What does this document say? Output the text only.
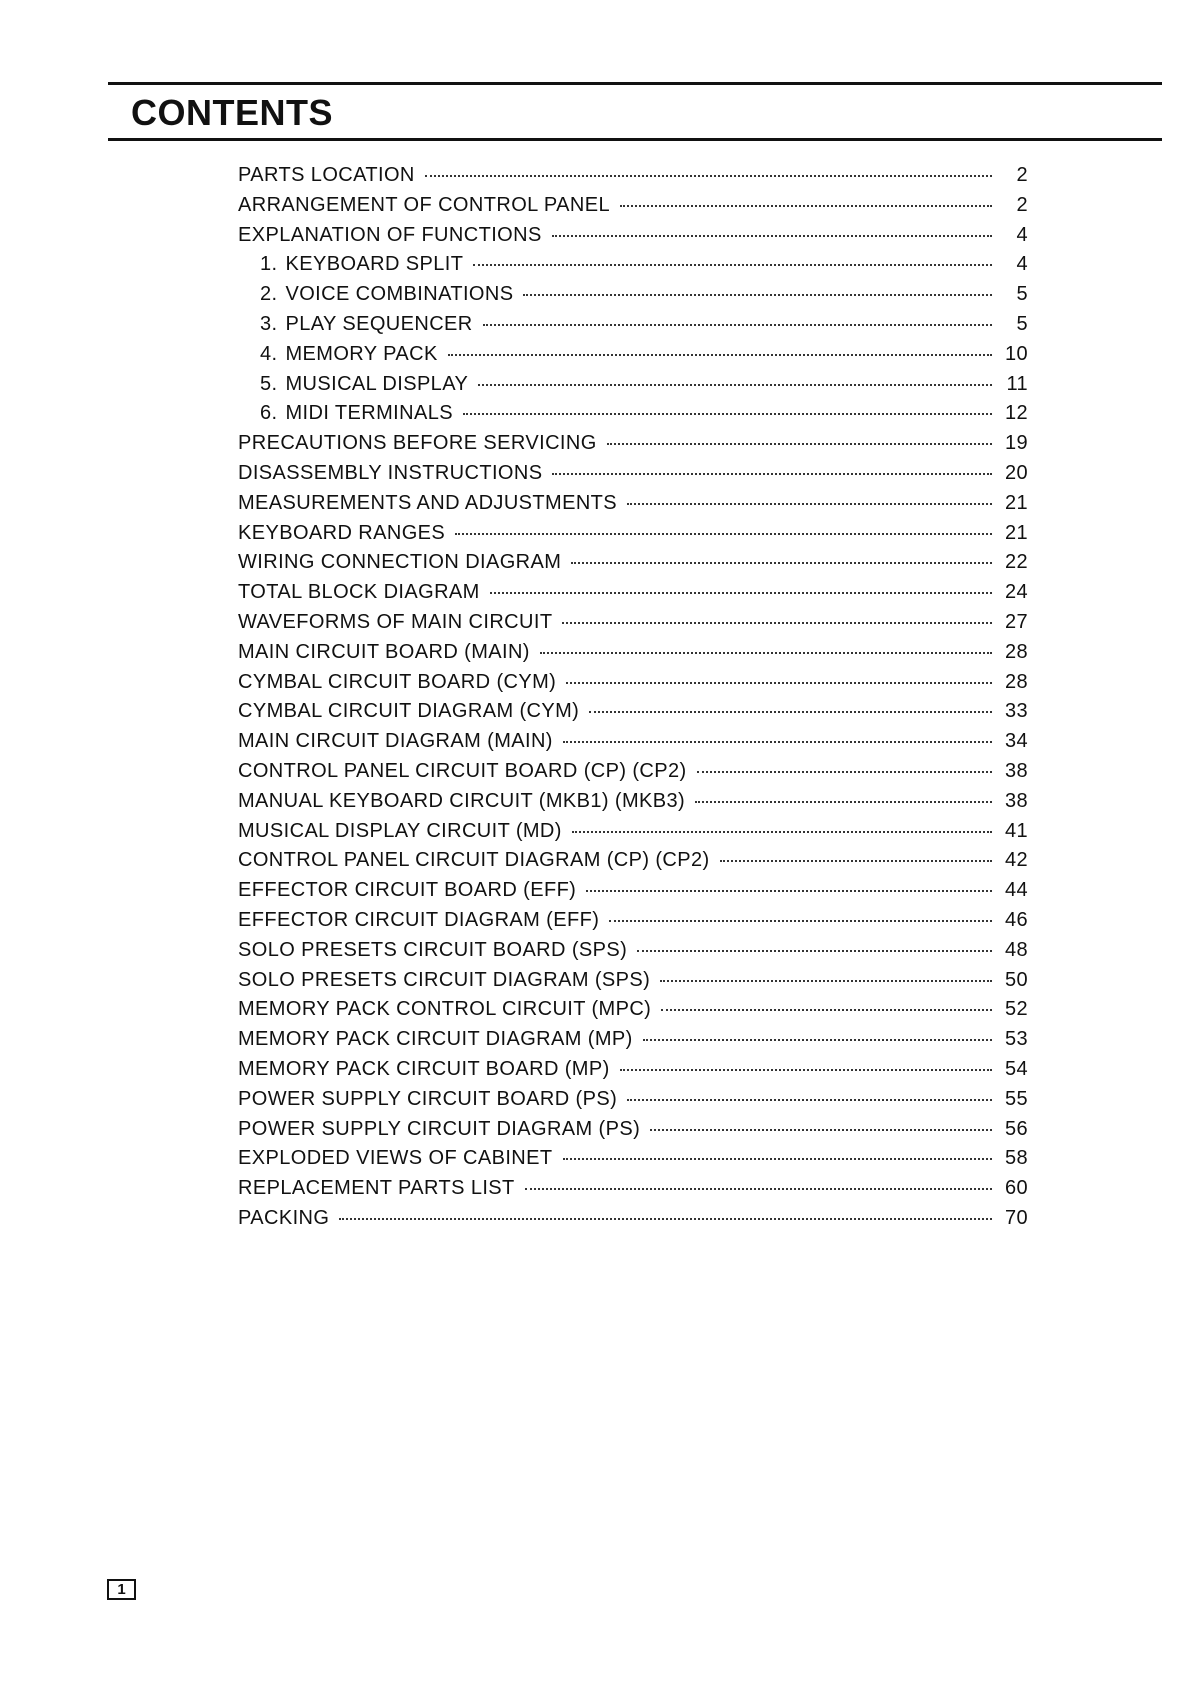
CONTENTS
PARTS LOCATION	2
ARRANGEMENT OF CONTROL PANEL	2
EXPLANATION OF FUNCTIONS	4
1. KEYBOARD SPLIT	4
2. VOICE COMBINATIONS	5
3. PLAY SEQUENCER	5
4. MEMORY PACK	10
5. MUSICAL DISPLAY	11
6. MIDI TERMINALS	12
PRECAUTIONS BEFORE SERVICING	19
DISASSEMBLY INSTRUCTIONS	20
MEASUREMENTS AND ADJUSTMENTS	21
KEYBOARD RANGES	21
WIRING CONNECTION DIAGRAM	22
TOTAL BLOCK DIAGRAM	24
WAVEFORMS OF MAIN CIRCUIT	27
MAIN CIRCUIT BOARD (MAIN)	28
CYMBAL CIRCUIT BOARD (CYM)	28
CYMBAL CIRCUIT DIAGRAM (CYM)	33
MAIN CIRCUIT DIAGRAM (MAIN)	34
CONTROL PANEL CIRCUIT BOARD (CP) (CP2)	38
MANUAL KEYBOARD CIRCUIT (MKB1) (MKB3)	38
MUSICAL DISPLAY CIRCUIT (MD)	41
CONTROL PANEL CIRCUIT DIAGRAM (CP) (CP2)	42
EFFECTOR CIRCUIT BOARD (EFF)	44
EFFECTOR CIRCUIT DIAGRAM (EFF)	46
SOLO PRESETS CIRCUIT BOARD (SPS)	48
SOLO PRESETS CIRCUIT DIAGRAM (SPS)	50
MEMORY PACK CONTROL CIRCUIT (MPC)	52
MEMORY PACK CIRCUIT DIAGRAM (MP)	53
MEMORY PACK CIRCUIT BOARD (MP)	54
POWER SUPPLY CIRCUIT BOARD (PS)	55
POWER SUPPLY CIRCUIT DIAGRAM (PS)	56
EXPLODED VIEWS OF CABINET	58
REPLACEMENT PARTS LIST	60
PACKING	70
1
